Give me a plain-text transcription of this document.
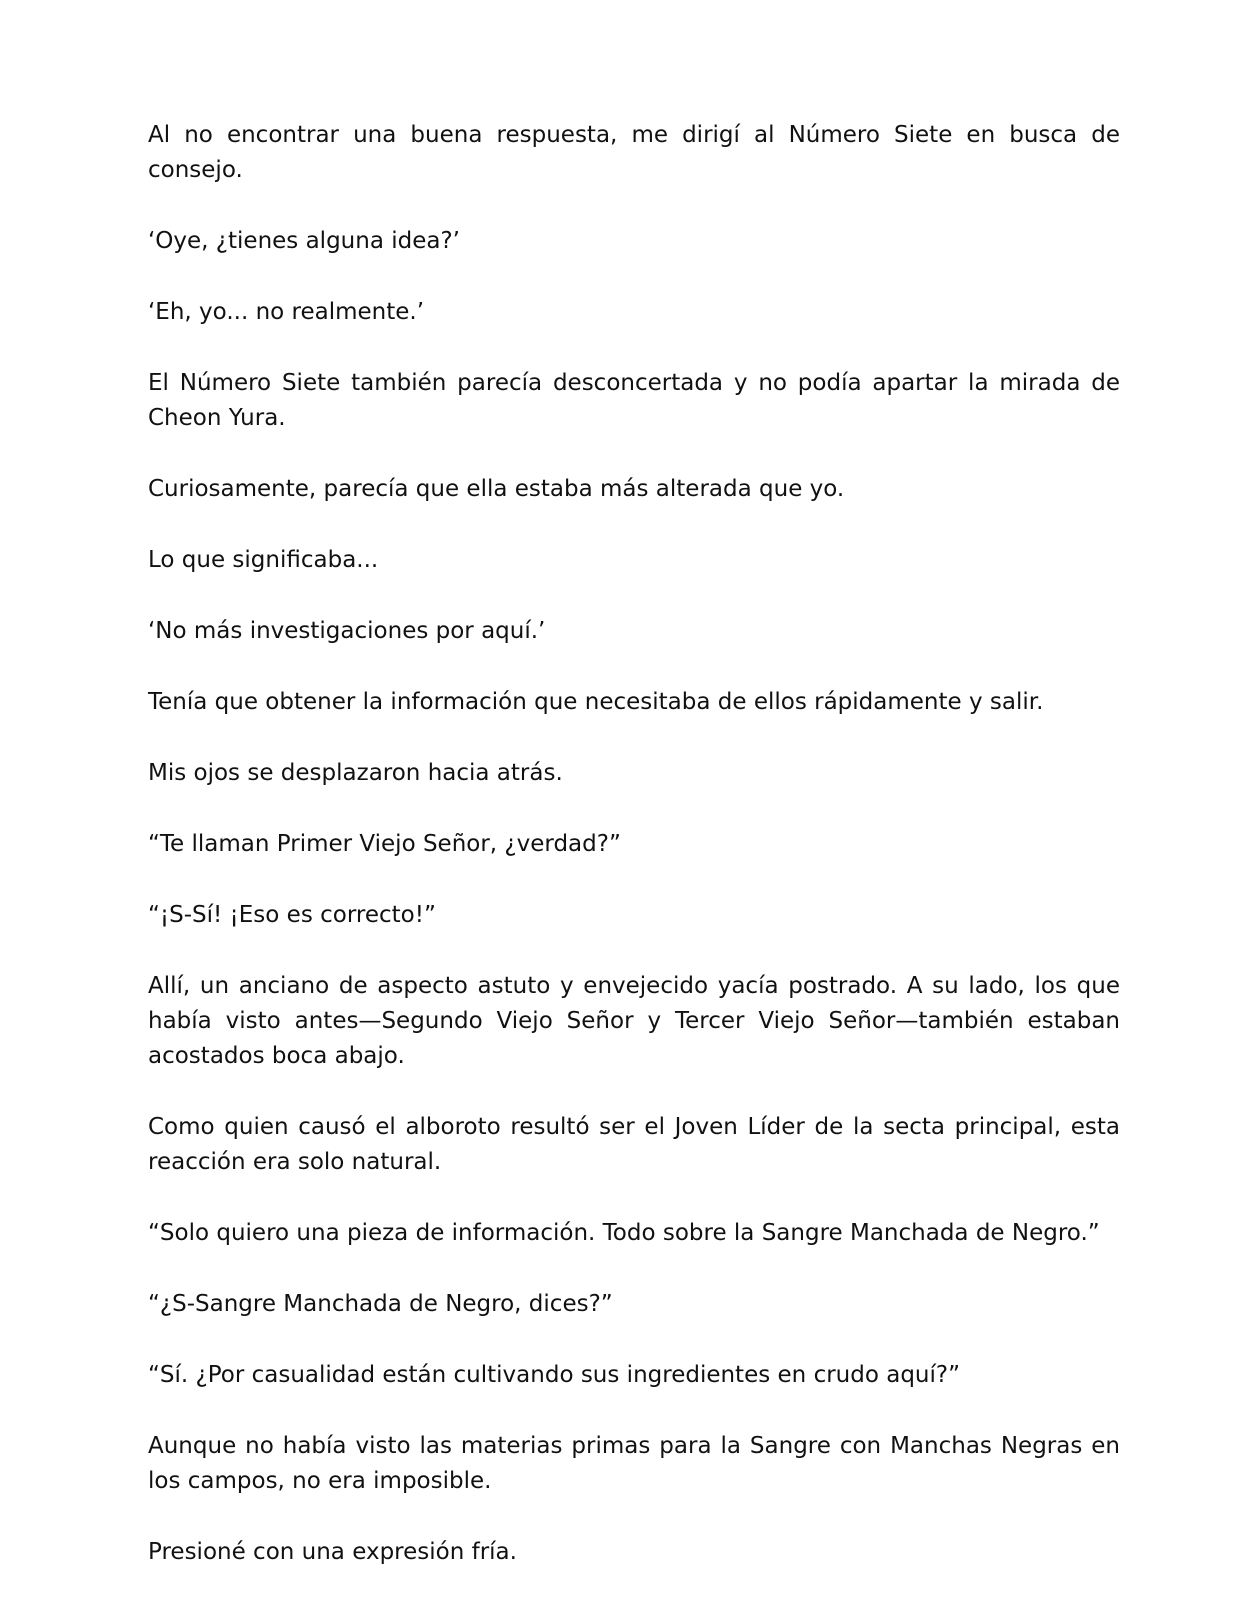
Al no encontrar una buena respuesta, me dirigí al Número Siete en busca de consejo.

‘Oye, ¿tienes alguna idea?’

‘Eh, yo... no realmente.’

El Número Siete también parecía desconcertada y no podía apartar la mirada de Cheon Yura.

Curiosamente, parecía que ella estaba más alterada que yo.

Lo que significaba...

‘No más investigaciones por aquí.’

Tenía que obtener la información que necesitaba de ellos rápidamente y salir.

Mis ojos se desplazaron hacia atrás.

“Te llaman Primer Viejo Señor, ¿verdad?”

“¡S-Sí! ¡Eso es correcto!”

Allí, un anciano de aspecto astuto y envejecido yacía postrado. A su lado, los que había visto antes—Segundo Viejo Señor y Tercer Viejo Señor—también estaban acostados boca abajo.

Como quien causó el alboroto resultó ser el Joven Líder de la secta principal, esta reacción era solo natural.

“Solo quiero una pieza de información. Todo sobre la Sangre Manchada de Negro.”

“¿S-Sangre Manchada de Negro, dices?”

“Sí. ¿Por casualidad están cultivando sus ingredientes en crudo aquí?”

Aunque no había visto las materias primas para la Sangre con Manchas Negras en los campos, no era imposible.

Presioné con una expresión fría.
